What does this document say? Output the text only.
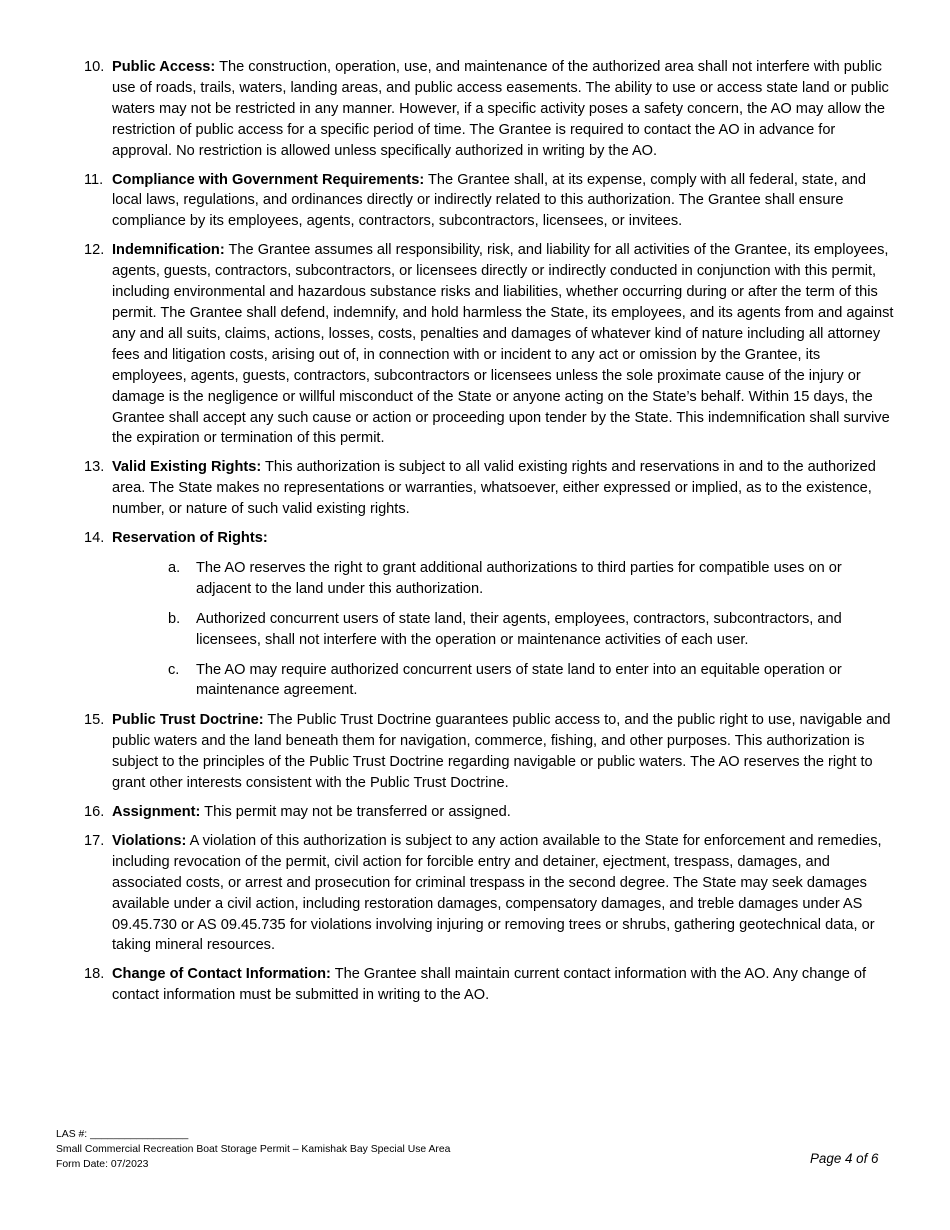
10. Public Access: The construction, operation, use, and maintenance of the authorized area shall not interfere with public use of roads, trails, waters, landing areas, and public access easements. The ability to use or access state land or public waters may not be restricted in any manner. However, if a specific activity poses a safety concern, the AO may allow the restriction of public access for a specific period of time. The Grantee is required to contact the AO in advance for approval. No restriction is allowed unless specifically authorized in writing by the AO.
11. Compliance with Government Requirements: The Grantee shall, at its expense, comply with all federal, state, and local laws, regulations, and ordinances directly or indirectly related to this authorization. The Grantee shall ensure compliance by its employees, agents, contractors, subcontractors, licensees, or invitees.
12. Indemnification: The Grantee assumes all responsibility, risk, and liability for all activities of the Grantee, its employees, agents, guests, contractors, subcontractors, or licensees directly or indirectly conducted in conjunction with this permit, including environmental and hazardous substance risks and liabilities, whether occurring during or after the term of this permit. The Grantee shall defend, indemnify, and hold harmless the State, its employees, and its agents from and against any and all suits, claims, actions, losses, costs, penalties and damages of whatever kind of nature including all attorney fees and litigation costs, arising out of, in connection with or incident to any act or omission by the Grantee, its employees, agents, guests, contractors, subcontractors or licensees unless the sole proximate cause of the injury or damage is the negligence or willful misconduct of the State or anyone acting on the State’s behalf. Within 15 days, the Grantee shall accept any such cause or action or proceeding upon tender by the State. This indemnification shall survive the expiration or termination of this permit.
13. Valid Existing Rights: This authorization is subject to all valid existing rights and reservations in and to the authorized area. The State makes no representations or warranties, whatsoever, either expressed or implied, as to the existence, number, or nature of such valid existing rights.
14. Reservation of Rights:
a. The AO reserves the right to grant additional authorizations to third parties for compatible uses on or adjacent to the land under this authorization.
b. Authorized concurrent users of state land, their agents, employees, contractors, subcontractors, and licensees, shall not interfere with the operation or maintenance activities of each user.
c. The AO may require authorized concurrent users of state land to enter into an equitable operation or maintenance agreement.
15. Public Trust Doctrine: The Public Trust Doctrine guarantees public access to, and the public right to use, navigable and public waters and the land beneath them for navigation, commerce, fishing, and other purposes. This authorization is subject to the principles of the Public Trust Doctrine regarding navigable or public waters. The AO reserves the right to grant other interests consistent with the Public Trust Doctrine.
16. Assignment: This permit may not be transferred or assigned.
17. Violations: A violation of this authorization is subject to any action available to the State for enforcement and remedies, including revocation of the permit, civil action for forcible entry and detainer, ejectment, trespass, damages, and associated costs, or arrest and prosecution for criminal trespass in the second degree. The State may seek damages available under a civil action, including restoration damages, compensatory damages, and treble damages under AS 09.45.730 or AS 09.45.735 for violations involving injuring or removing trees or shrubs, gathering geotechnical data, or taking mineral resources.
18. Change of Contact Information: The Grantee shall maintain current contact information with the AO. Any change of contact information must be submitted in writing to the AO.
LAS #: _________________
Small Commercial Recreation Boat Storage Permit – Kamishak Bay Special Use Area
Form Date: 07/2023	Page 4 of 6
